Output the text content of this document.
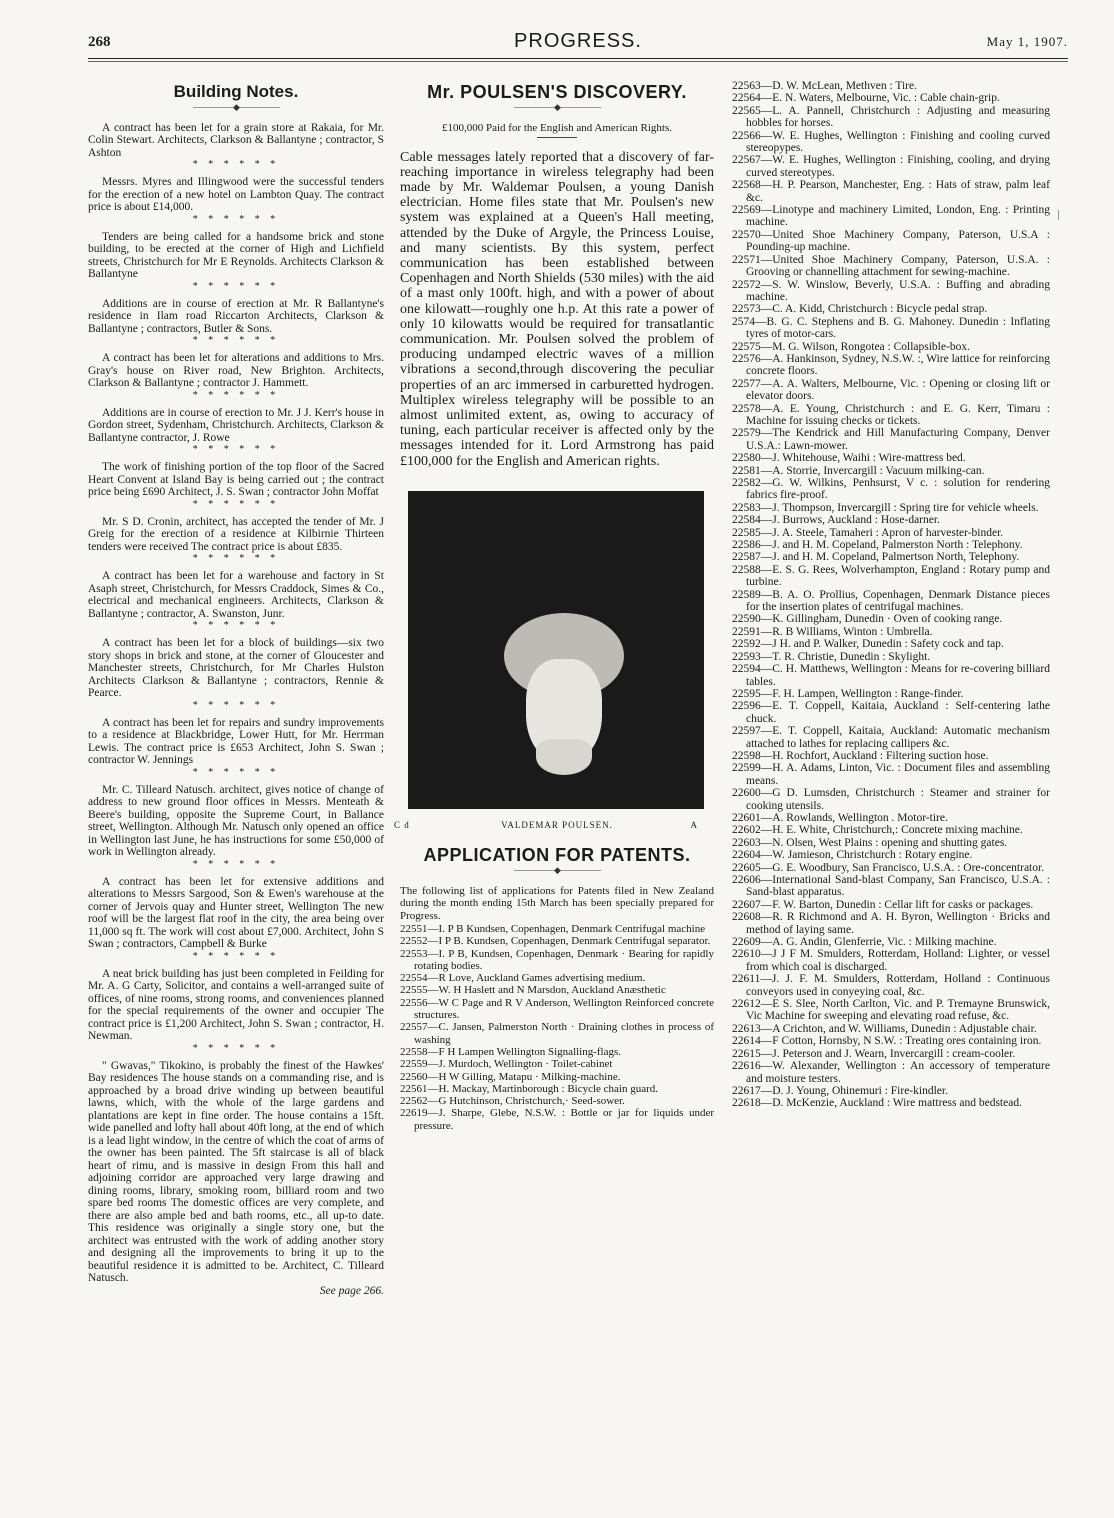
268	PROGRESS.	May 1, 1907.
Building Notes.
—————◆—————

A contract has been let for a grain store at Rakaia, for Mr. Colin Stewart. Architects, Clarkson & Ballantyne ; contractor, S Ashton

* * * * * *

Messrs. Myres and Illingwood were the successful tenders for the erection of a new hotel on Lambton Quay. The contract price is about £14,000.

* * * * * *

Tenders are being called for a handsome brick and stone building, to be erected at the corner of High and Lichfield streets, Christchurch for Mr E Reynolds. Architects Clarkson & Ballantyne

* * * * * *

Additions are in course of erection at Mr. R Ballantyne's residence in Ilam road Riccarton Architects, Clarkson & Ballantyne ; contractors, Butler & Sons.

* * * * * *

A contract has been let for alterations and additions to Mrs. Gray's house on River road, New Brighton. Architects, Clarkson & Ballantyne ; contractor J. Hammett.

* * * * * *

Additions are in course of erection to Mr. J J. Kerr's house in Gordon street, Sydenham, Christchurch. Architects, Clarkson & Ballantyne contractor, J. Rowe

* * * * * *

The work of finishing portion of the top floor of the Sacred Heart Convent at Island Bay is being carried out ; the contract price being £690 Architect, J. S. Swan ; contractor John Moffat

* * * * * *

Mr. S D. Cronin, architect, has accepted the tender of Mr. J Greig for the erection of a residence at Kilbirnie Thirteen tenders were received The contract price is about £835.

* * * * * *

A contract has been let for a warehouse and factory in St Asaph street, Christchurch, for Messrs Craddock, Simes & Co., electrical and mechanical engineers. Architects, Clarkson & Ballantyne ; contractor, A. Swanston, Junr.

* * * * * *

A contract has been let for a block of buildings—six two story shops in brick and stone, at the corner of Gloucester and Manchester streets, Christchurch, for Mr Charles Hulston Architects Clarkson & Ballantyne ; contractors, Rennie & Pearce.

* * * * * *

A contract has been let for repairs and sundry improvements to a residence at Blackbridge, Lower Hutt, for Mr. Herrman Lewis. The contract price is £653 Architect, John S. Swan ; contractor W. Jennings

* * * * * *

Mr. C. Tilleard Natusch. architect, gives notice of change of address to new ground floor offices in Messrs. Menteath & Beere's building, opposite the Supreme Court, in Ballance street, Wellington. Although Mr. Natusch only opened an office in Wellington last June, he has instructions for some £50,000 of work in Wellington already.

* * * * * *

A contract has been let for extensive additions and alterations to Messrs Sargood, Son & Ewen's warehouse at the corner of Jervois quay and Hunter street, Wellington The new roof will be the largest flat roof in the city, the area being over 11,000 sq ft. The work will cost about £7,000. Architect, John S Swan ; contractors, Campbell & Burke

* * * * * *

A neat brick building has just been completed in Feilding for Mr. A. G Carty, Solicitor, and contains a well-arranged suite of offices, of nine rooms, strong rooms, and conveniences planned for the special requirements of the owner and occupier The contract price is £1,200 Architect, John S. Swan ; contractor, H. Newman.

* * * * * *

" Gwavas," Tikokino, is probably the finest of the Hawkes' Bay residences The house stands on a commanding rise, and is approached by a broad drive winding up between beautiful lawns, which, with the whole of the large gardens and plantations are kept in fine order. The house contains a 15ft. wide panelled and lofty hall about 40ft long, at the end of which is a lead light window, in the centre of which the coat of arms of the owner has been painted. The 5ft staircase is all of black heart of rimu, and is massive in design From this hall and adjoining corridor are approached very large drawing and dining rooms, library, smoking room, billiard room and two spare bed rooms The domestic offices are very complete, and there are also ample bed and bath rooms, etc., all up-to date. This residence was originally a single story one, but the architect was entrusted with the work of adding another story and designing all the improvements to bring it up to the beautiful residence it is admitted to be. Architect, C. Tilleard Natusch.

See page 266.
Mr. POULSEN'S DISCOVERY.
—————◆—————
£100,000 Paid for the English and American Rights.

Cable messages lately reported that a discovery of far-reaching importance in wireless telegraphy had been made by Mr. Waldemar Poulsen, a young Danish electrician. Home files state that Mr. Poulsen's new system was explained at a Queen's Hall meeting, attended by the Duke of Argyle, the Princess Louise, and many scientists. By this system, perfect communication has been established between Copenhagen and North Shields (530 miles) with the aid of a mast only 100ft. high, and with a power of about one kilowatt—roughly one h.p. At this rate a power of only 10 kilowatts would be required for transatlantic communication. Mr. Poulsen solved the problem of producing undamped electric waves of a million vibrations a second,through discovering the peculiar properties of an arc immersed in carburetted hydrogen. Multiplex wireless telegraphy will be possible to an almost unlimited extent, as, owing to accuracy of tuning, each particular receiver is affected only by the messages intended for it. Lord Armstrong has paid £100,000 for the English and American rights.

C d	VALDEMAR POULSEN.	A
APPLICATION FOR PATENTS.
—————◆—————

The following list of applications for Patents filed in New Zealand during the month ending 15th March has been specially prepared for Progress.

22551—I. P B Kundsen, Copenhagen, Denmark Centrifugal machine

22552—I P B. Kundsen, Copenhagen, Denmark Centrifugal separator.

22553—I. P B, Kundsen, Copenhagen, Denmark · Bearing for rapidly rotating bodies.

22554—R Love, Auckland Games advertising medium.

22555—W. H Haslett and N Marsdon, Auckland Anæsthetic

22556—W C Page and R V Anderson, Wellington Reinforced concrete structures.

22557—C. Jansen, Palmerston North · Draining clothes in process of washing

22558—F H Lampen Wellington Signalling-flags.

22559—J. Murdoch, Wellington · Toilet-cabinet

22560—H W Gilling, Matapu · Milking-machine.

22561—H. Mackay, Martinborough : Bicycle chain guard.

22562—G Hutchinson, Christchurch,· Seed-sower.

22619—J. Sharpe, Glebe, N.S.W. : Bottle or jar for liquids under pressure.

22563—D. W. McLean, Methven : Tire.

22564—E. N. Waters, Melbourne, Vic. : Cable chain-grip.

22565—L. A. Pannell, Christchurch : Adjusting and measuring hobbles for horses.

22566—W. E. Hughes, Wellington : Finishing and cooling curved stereopypes.

22567—W. E. Hughes, Wellington : Finishing, cooling, and drying curved stereotypes.

22568—H. P. Pearson, Manchester, Eng. : Hats of straw, palm leaf &c.

22569—Linotype and machinery Limited, London, Eng. : Printing machine.

22570—United Shoe Machinery Company, Paterson, U.S.A : Pounding-up machine.

22571—United Shoe Machinery Company, Paterson, U.S.A. : Grooving or channelling attachment for sewing-machine.

22572—S. W. Winslow, Beverly, U.S.A. : Buffing and abrading machine.

22573—C. A. Kidd, Christchurch : Bicycle pedal strap.

2574—B. G. C. Stephens and B. G. Mahoney. Dunedin : Inflating tyres of motor-cars.

22575—M. G. Wilson, Rongotea : Collapsible-box.

22576—A. Hankinson, Sydney, N.S.W. :, Wire lattice for reinforcing concrete floors.

22577—A. A. Walters, Melbourne, Vic. : Opening or closing lift or elevator doors.

22578—A. E. Young, Christchurch : and E. G. Kerr, Timaru : Machine for issuing checks or tickets.

22579—The Kendrick and Hill Manufacturing Company, Denver U.S.A.: Lawn-mower.

22580—J. Whitehouse, Waihi : Wire-mattress bed.

22581—A. Storrie, Invercargill : Vacuum milking-can.

22582—G. W. Wilkins, Penhsurst, V c. : solution for rendering fabrics fire-proof.

22583—J. Thompson, Invercargill : Spring tire for vehicle wheels.

22584—J. Burrows, Auckland : Hose-darner.

22585—J. A. Steele, Tamaheri : Apron of harvester-binder.

22586—J. and H. M. Copeland, Palmerston North : Telephony.

22587—J. and H. M. Copeland, Palmertson North, Telephony.

22588—E. S. G. Rees, Wolverhampton, England : Rotary pump and turbine.

22589—B. A. O. Prollius, Copenhagen, Denmark Distance pieces for the insertion plates of centrifugal machines.

22590—K. Gillingham, Dunedin · Oven of cooking range.

22591—R. B Williams, Winton : Umbrella.

22592—J H. and P. Walker, Dunedin : Safety cock and tap.

22593—T. R. Christie, Dunedin : Skylight.

22594—C. H. Matthews, Wellington : Means for re-covering billiard tables.

22595—F. H. Lampen, Wellington : Range-finder.

22596—E. T. Coppell, Kaitaia, Auckland : Self-centering lathe chuck.

22597—E. T. Coppell, Kaitaia, Auckland: Automatic mechanism attached to lathes for replacing callipers &c.

22598—H. Rochfort, Auckland : Filtering suction hose.

22599—H. A. Adams, Linton, Vic. : Document files and assembling means.

22600—G D. Lumsden, Christchurch : Steamer and strainer for cooking utensils.

22601—A. Rowlands, Wellington . Motor-tire.

22602—H. E. White, Christchurch,: Concrete mixing machine.

22603—N. Olsen, West Plains : opening and shutting gates.

22604—W. Jamieson, Christchurch : Rotary engine.

22605—G. E. Woodbury, San Francisco, U.S.A. : Ore-concentrator.

22606—International Sand-blast Company, San Francisco, U.S.A. : Sand-blast apparatus.

22607—F. W. Barton, Dunedin : Cellar lift for casks or packages.

22608—R. R Richmond and A. H. Byron, Wellington · Bricks and method of laying same.

22609—A. G. Andin, Glenferrie, Vic. : Milking machine.

22610—J J F M. Smulders, Rotterdam, Holland: Lighter, or vessel from which coal is discharged.

22611—J. J. F. M. Smulders, Rotterdam, Holland : Continuous conveyors used in conyeying coal, &c.

22612—E S. Slee, North Carlton, Vic. and P. Tremayne Brunswick, Vic Machine for sweeping and elevating road refuse, &c.

22613—A Crichton, and W. Williams, Dunedin : Adjustable chair.

22614—F Cotton, Hornsby, N S.W. : Treating ores containing iron.

22615—J. Peterson and J. Wearn, Invercargill : cream-cooler.

22616—W. Alexander, Wellington : An accessory of temperature and moisture testers.

22617—D. J. Young, Ohinemuri : Fire-kindler.

22618—D. McKenzie, Auckland : Wire mattress and bedstead.
